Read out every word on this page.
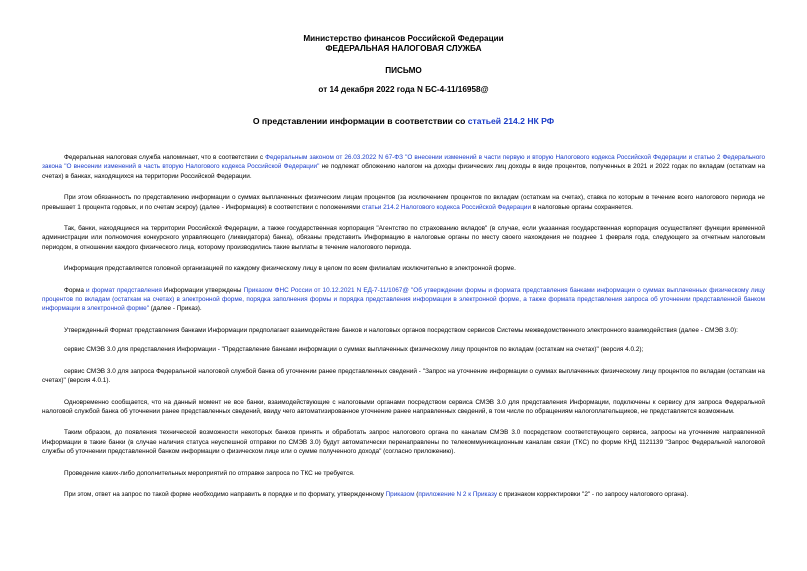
Министерство финансов Российской Федерации
ФЕДЕРАЛЬНАЯ НАЛОГОВАЯ СЛУЖБА
ПИСЬМО
от 14 декабря 2022 года N БС-4-11/16958@
О представлении информации в соответствии со статьей 214.2 НК РФ

Федеральная налоговая служба напоминает, что в соответствии с Федеральным законом от 26.03.2022 N 67-ФЗ "О внесении изменений в части первую и вторую Налогового кодекса Российской Федерации и статью 2 Федерального закона "О внесении изменений в часть вторую Налогового кодекса Российской Федерации" не подлежат обложению налогом на доходы физических лиц доходы в виде процентов, полученных в 2021 и 2022 годах по вкладам (остаткам на счетах) в банках, находящихся на территории Российской Федерации.

При этом обязанность по представлению информации о суммах выплаченных физическим лицам процентов (за исключением процентов по вкладам (остаткам на счетах), ставка по которым в течение всего налогового периода не превышает 1 процента годовых, и по счетам эскроу) (далее - Информация) в соответствии с положениями статьи 214.2 Налогового кодекса Российской Федерации в налоговые органы сохраняется.

Так, банки, находящиеся на территории Российской Федерации, а также государственная корпорация "Агентство по страхованию вкладов" (в случае, если указанная государственная корпорация осуществляет функции временной администрации или полномочия конкурсного управляющего (ликвидатора) банка), обязаны представить Информацию в налоговые органы по месту своего нахождения не позднее 1 февраля года, следующего за отчетным налоговым периодом, в отношении каждого физического лица, которому производились такие выплаты в течение налогового периода.

Информация представляется головной организацией по каждому физическому лицу в целом по всем филиалам исключительно в электронной форме.

Форма и формат представления Информации утверждены Приказом ФНС России от 10.12.2021 N ЕД-7-11/1067@ "Об утверждении формы и формата представления банками информации о суммах выплаченных физическому лицу процентов по вкладам (остаткам на счетах) в электронной форме, порядка заполнения формы и порядка представления информации в электронной форме, а также формата представления запроса об уточнении представленной банком информации в электронной форме" (далее - Приказ).

Утвержденный Формат представления банками Информации предполагает взаимодействие банков и налоговых органов посредством сервисов Системы межведомственного электронного взаимодействия (далее - СМЭВ 3.0):

сервис СМЭВ 3.0 для представления Информации - "Представление банками информации о суммах выплаченных физическому лицу процентов по вкладам (остаткам на счетах)" (версия 4.0.2);

сервис СМЭВ 3.0 для запроса Федеральной налоговой службой банка об уточнении ранее представленных сведений - "Запрос на уточнение информации о суммах выплаченных физическому лицу процентов по вкладам (остаткам на счетах)" (версия 4.0.1).

Одновременно сообщается, что на данный момент не все банки, взаимодействующие с налоговыми органами посредством сервиса СМЭВ 3.0 для представления Информации, подключены к сервису для запроса Федеральной налоговой службой банка об уточнении ранее представленных сведений, ввиду чего автоматизированное уточнение ранее направленных сведений, в том числе по обращениям налогоплательщиков, не представляется возможным.

Таким образом, до появления технической возможности некоторых банков принять и обработать запрос налогового органа по каналам СМЭВ 3.0 посредством соответствующего сервиса, запросы на уточнение направленной Информации в такие банки (в случае наличия статуса неуспешной отправки по СМЭВ 3.0) будут автоматически перенаправлены по телекоммуникационным каналам связи (ТКС) по форме КНД 1121139 "Запрос Федеральной налоговой службы об уточнении представленной банком информации о физическом лице или о сумме полученного дохода" (согласно приложению).

Проведение каких-либо дополнительных мероприятий по отправке запроса по ТКС не требуется.

При этом, ответ на запрос по такой форме необходимо направить в порядке и по формату, утвержденному Приказом (приложение N 2 к Приказу с признаком корректировки "2" - по запросу налогового органа).
